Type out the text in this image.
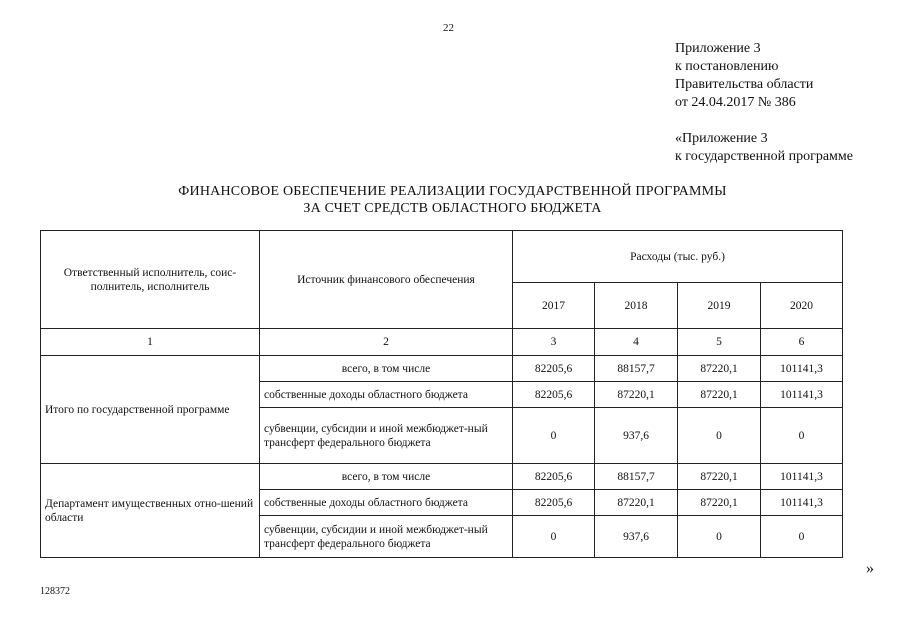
22
Приложение 3
к постановлению
Правительства области
от 24.04.2017 № 386
«Приложение 3
к государственной программе
ФИНАНСОВОЕ ОБЕСПЕЧЕНИЕ РЕАЛИЗАЦИИ ГОСУДАРСТВЕННОЙ ПРОГРАММЫ
ЗА СЧЕТ СРЕДСТВ ОБЛАСТНОГО БЮДЖЕТА
Ответственный исполнитель, соис-полнитель, исполнитель	Источник финансового обеспечения	Расходы (тыс. руб.)			
		2017	2018	2019	2020
1	2	3	4	5	6
Итого по государственной программе	всего, в том числе	82205,6	88157,7	87220,1	101141,3
	собственные доходы областного бюджета	82205,6	87220,1	87220,1	101141,3
	субвенции, субсидии и иной межбюджет-ный трансферт федерального бюджета	0	937,6	0	0
Департамент имущественных отно-шений области	всего, в том числе	82205,6	88157,7	87220,1	101141,3
	собственные доходы областного бюджета	82205,6	87220,1	87220,1	101141,3
	субвенции, субсидии и иной межбюджет-ный трансферт федерального бюджета	0	937,6	0	0
»
128372
